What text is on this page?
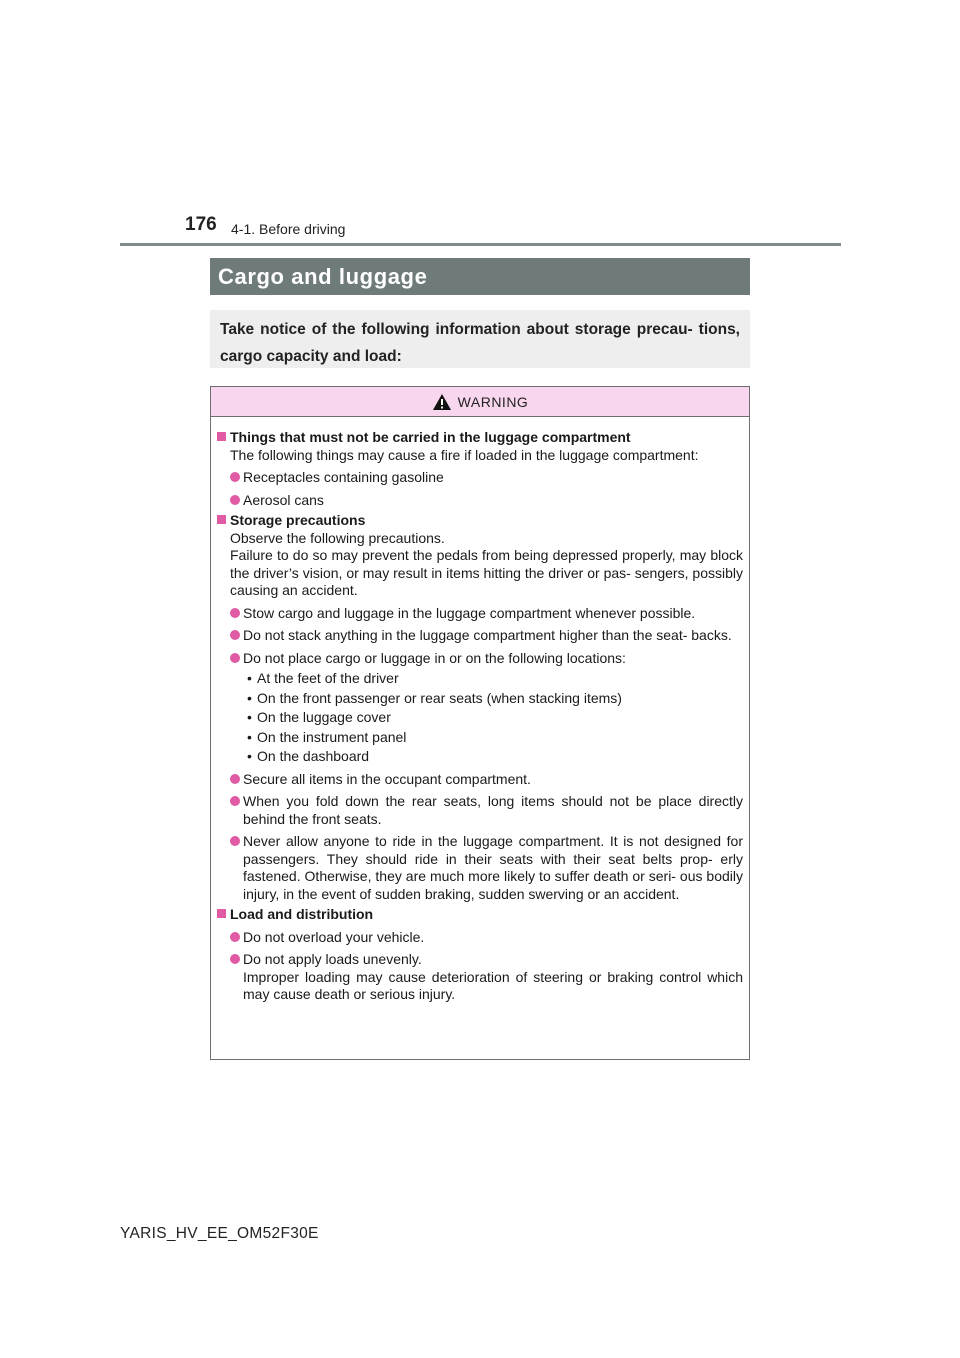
176 4-1. Before driving
Cargo and luggage

Take notice of the following information about storage precau- tions, cargo capacity and load:

WARNING
Things that must not be carried in the luggage compartment
The following things may cause a fire if loaded in the luggage compartment:
Receptacles containing gasoline
Aerosol cans
Storage precautions
Observe the following precautions.
Failure to do so may prevent the pedals from being depressed properly, may block the driver’s vision, or may result in items hitting the driver or pas- sengers, possibly causing an accident.
Stow cargo and luggage in the luggage compartment whenever possible.
Do not stack anything in the luggage compartment higher than the seat- backs.
Do not place cargo or luggage in or on the following locations:
• At the feet of the driver
• On the front passenger or rear seats (when stacking items)
• On the luggage cover
• On the instrument panel
• On the dashboard
Secure all items in the occupant compartment.
When you fold down the rear seats, long items should not be place directly behind the front seats.
Never allow anyone to ride in the luggage compartment. It is not designed for passengers. They should ride in their seats with their seat belts prop- erly fastened. Otherwise, they are much more likely to suffer death or seri- ous bodily injury, in the event of sudden braking, sudden swerving or an accident.
Load and distribution
Do not overload your vehicle.
Do not apply loads unevenly.
Improper loading may cause deterioration of steering or braking control which may cause death or serious injury.
YARIS_HV_EE_OM52F30E
